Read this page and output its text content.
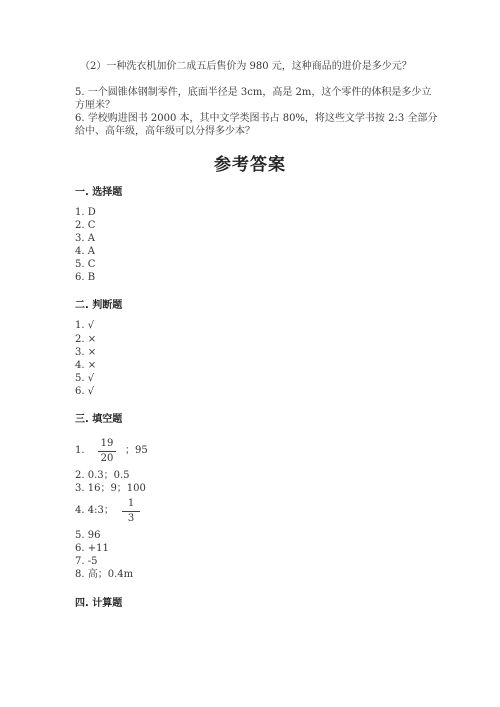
（2）一种洗衣机加价二成五后售价为 980 元，这种商品的进价是多少元？
5. 一个圆锥体钢制零件，底面半径是 3cm，高是 2m，这个零件的体积是多少立
方厘米？
6. 学校购进图书 2000 本，其中文学类图书占 80%，将这些文学书按 2:3 全部分
给中、高年级，高年级可以分得多少本？
参考答案
一. 选择题
1. D
2. C
3. A
4. A
5. C
6. B
二. 判断题
1. √
2. ×
3. ×
4. ×
5. √
6. √
三. 填空题
1.
19
20
；95
2. 0.3；0.5
3. 16；9；100
4. 4:3；
1
3
5. 96
6. +11
7. -5
8. 高；0.4m
四. 计算题
